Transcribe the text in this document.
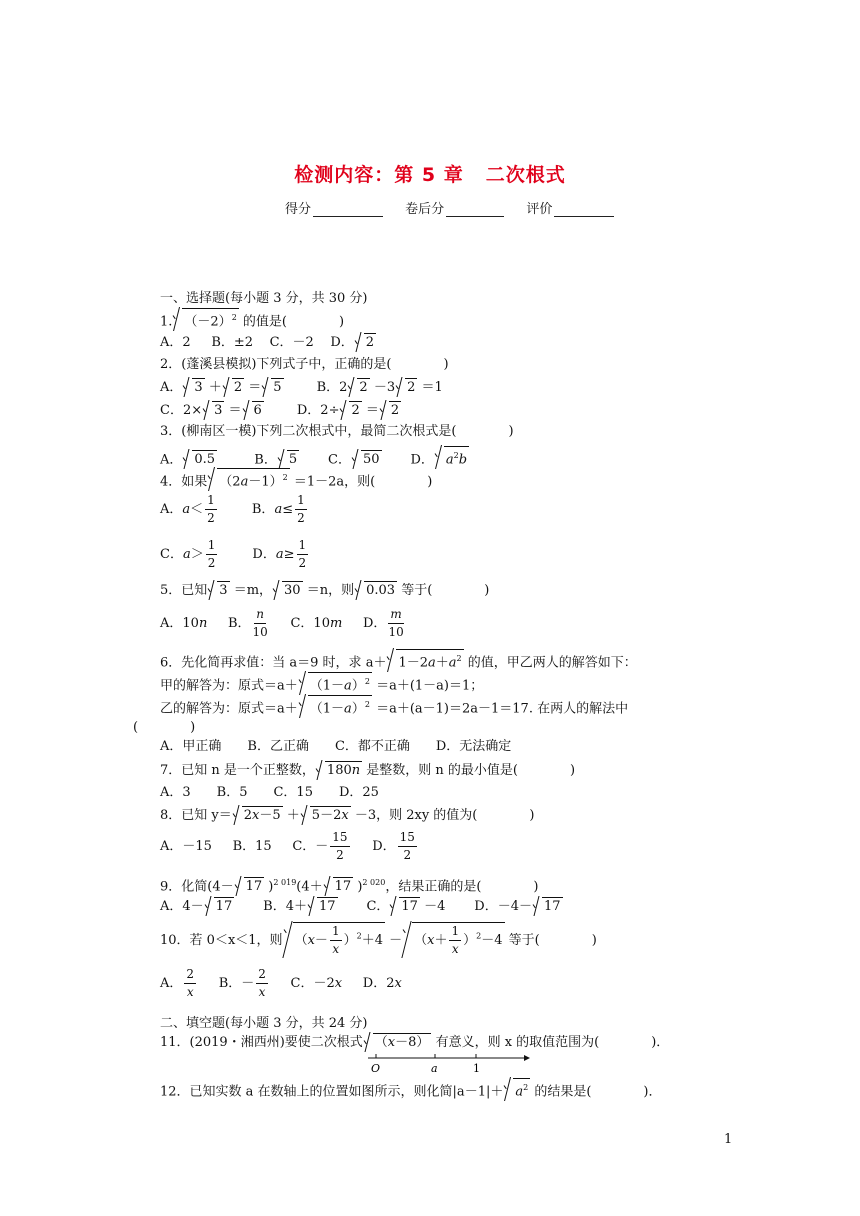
检测内容：第 5 章 二次根式
得分	卷后分	评价
一、选择题(每小题 3 分，共 30 分)
1. $(-2)^2$ 的值是(　　　　)
A．2 B．±2 C．－2 D． 2
2．(蓬溪县模拟)下列式子中，正确的是(　　　　)
A． 3 ＋ 2 ＝ 5        B．2 2 －3 2 ＝1
C．2× 3 ＝ 6        D．2÷ 2 ＝ 2
3．(柳南区一模)下列二次根式中，最简二次根式是(　　　　)
A． 0.5         B． 5       C． 50       D． $a^2b$
4．如果 $(2a-1)^2 =1-2a$，则(　　　　)
A．$a< \frac{1}{2}$ B．$a\le \frac{1}{2}$
C．$a> \frac{1}{2}$ D．$a\ge \frac{1}{2}$
5．已知 3 ＝m， 30 ＝n，则 0.03 等于(　　　　)
A．10n     B． $\frac{n}{10}$ C．10m     D． $\frac{m}{10}$
6．先化简再求值：当 a＝9 时，求 $a+ 1-2a+a^2$ 的值，甲乙两人的解答如下：
甲的解答为：原式$=a+ (1-a)^2 =a+(1-a)=1$；
乙的解答为：原式$=a+ (1-a)^2 =a+(a-1)=2a-1=17$. 在两人的解法中
(　　　　)
A．甲正确　　B．乙正确　　C．都不正确　　D．无法确定
7．已知 n 是一个正整数， 180n 是整数，则 n 的最小值是(　　　　)
A．3　　B．5　　C．15　　D．25
8．已知 y＝ 2x－5 ＋ 5－2x －3，则 2xy 的值为(　　　　)
A．－15     B．15     C．－ $\frac{15}{2}$ D． $\frac{15}{2}$
9．化简(4－ 17 )$^{2 019}$(4＋ 17 )$^{2 020}$，结果正确的是(　　　　)
A．4－ 17       B．4＋ 17       C． 17 －4       D．－4－ 17
10．若 0＜x＜1，则 $(x- \frac{1}{x} )^2+4 - (x+ \frac{1}{x} )^2-4$ 等于(　　　　)
A． $\frac{2}{x}$ B．－ $\frac{2}{x}$ C．－2x     D．2x
二、填空题(每小题 3 分，共 24 分)
11．(2019・湘西州)要使二次根式 （x－8） 有意义，则 x 的取值范围为(　　　　)．
O	a	1
12．已知实数 a 在数轴上的位置如图所示，则化简$|a-1|+ a^2$ 的结果是(　　　　)．
1
